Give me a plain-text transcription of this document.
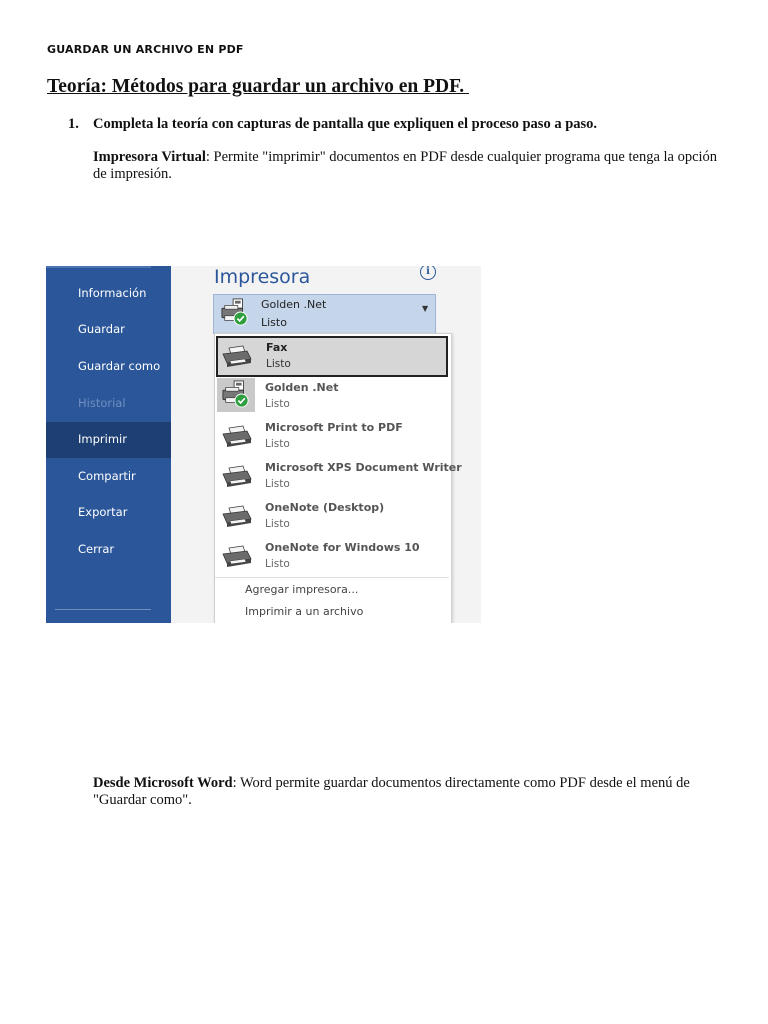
GUARDAR UN ARCHIVO EN PDF
Teoría: Métodos para guardar un archivo en PDF.
1. Completa la teoría con capturas de pantalla que expliquen el proceso paso a paso.
Impresora Virtual: Permite "imprimir" documentos en PDF desde cualquier programa que tenga la opción de impresión.
Información
Guardar
Guardar como
Historial
Imprimir
Compartir
Exportar
Cerrar
Impresora	i
Golden .Net
Listo
▼
Fax
Listo
Golden .Net
Listo
Microsoft Print to PDF
Listo
Microsoft XPS Document Writer
Listo
OneNote (Desktop)
Listo
OneNote for Windows 10
Listo
Agregar impresora...
Imprimir a un archivo
Desde Microsoft Word: Word permite guardar documentos directamente como PDF desde el menú de "Guardar como".
